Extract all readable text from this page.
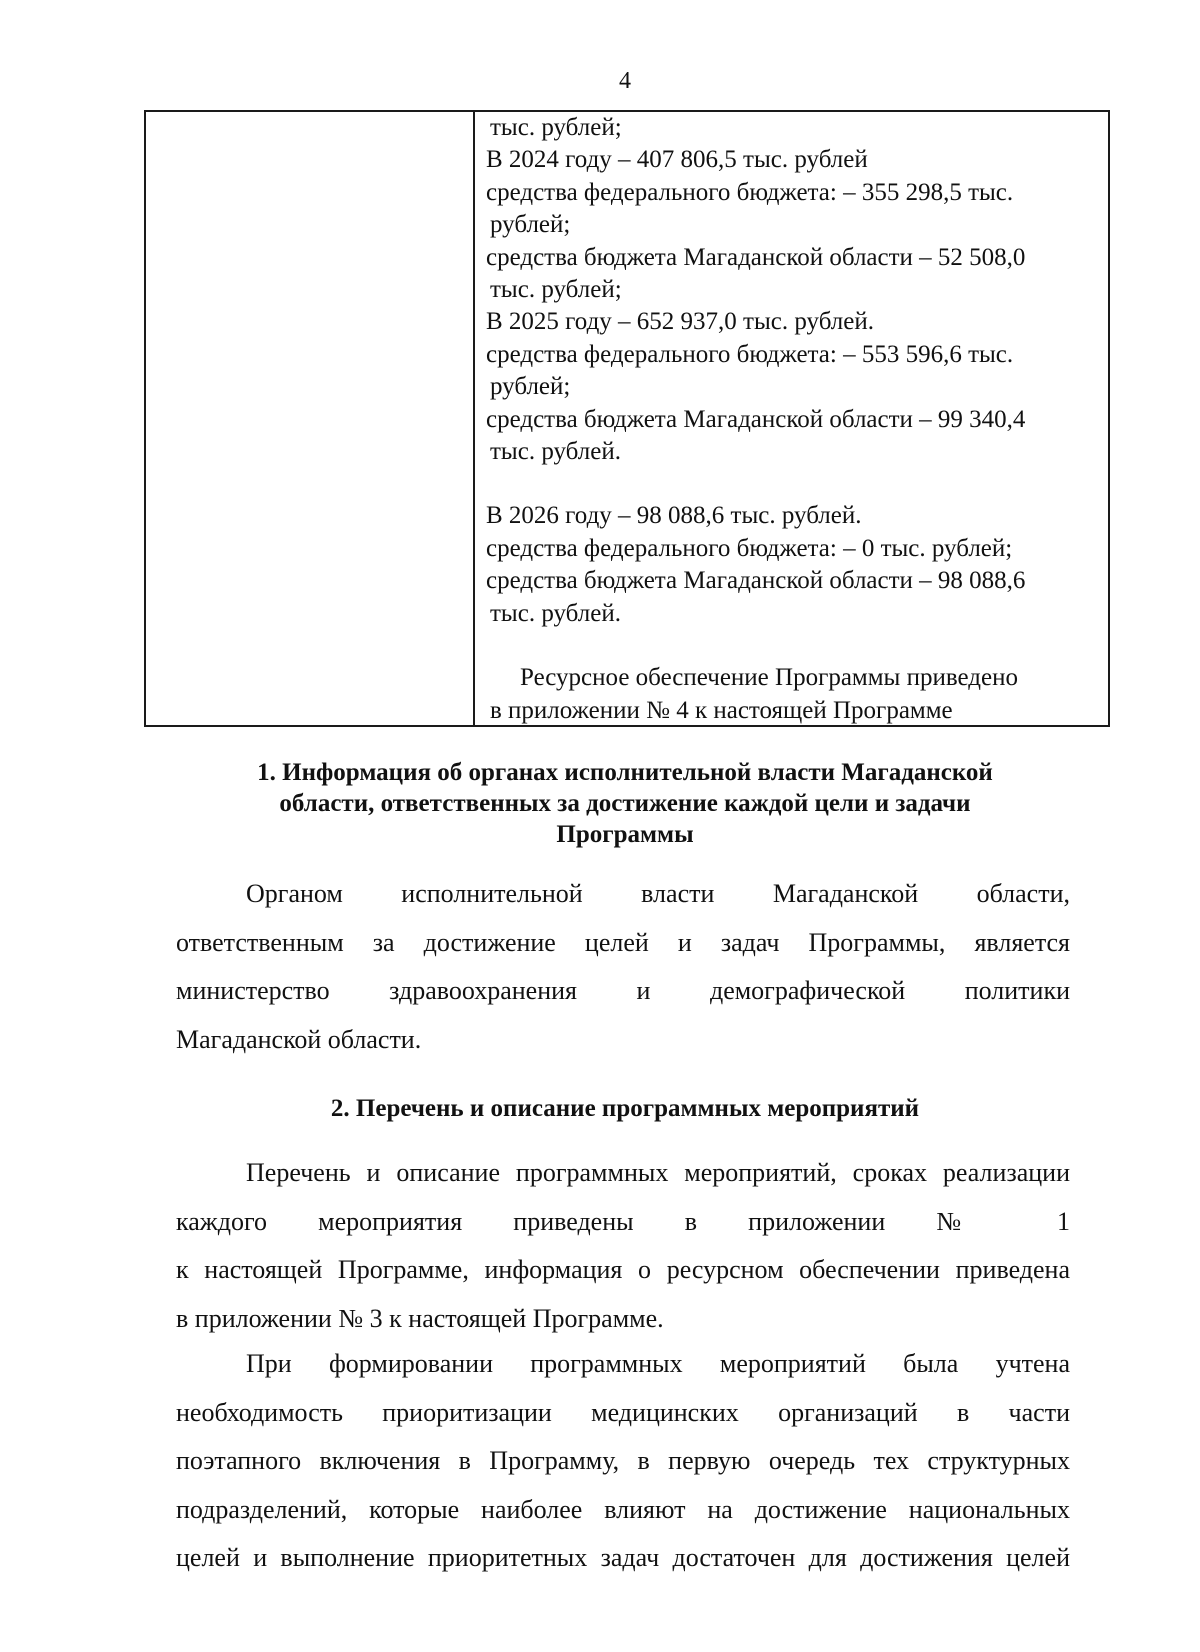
4
тыс. рублей;
В 2024 году – 407 806,5 тыс. рублей
средства федерального бюджета: – 355 298,5 тыс.
рублей;
средства бюджета Магаданской области – 52 508,0
тыс. рублей;
В 2025 году – 652 937,0 тыс. рублей.
средства федерального бюджета: – 553 596,6 тыс.
рублей;
средства бюджета Магаданской области – 99 340,4
тыс. рублей.
В 2026 году – 98 088,6 тыс. рублей.
средства федерального бюджета: – 0 тыс. рублей;
средства бюджета Магаданской области – 98 088,6
тыс. рублей.
Ресурсное обеспечение Программы приведено
в приложении № 4 к настоящей Программе
1. Информация об органах исполнительной власти Магаданской
области, ответственных за достижение каждой цели и задачи
Программы
Органом исполнительной власти Магаданской области,
ответственным за достижение целей и задач Программы, является
министерство здравоохранения и демографической политики
Магаданской области.
2. Перечень и описание программных мероприятий
Перечень и описание программных мероприятий, сроках реализации
каждого мероприятия приведены в приложении № 1
к настоящей Программе, информация о ресурсном обеспечении приведена
в приложении № 3 к настоящей Программе.
При формировании программных мероприятий была учтена
необходимость приоритизации медицинских организаций в части
поэтапного включения в Программу, в первую очередь тех структурных
подразделений, которые наиболее влияют на достижение национальных
целей и выполнение приоритетных задач достаточен для достижения целей
